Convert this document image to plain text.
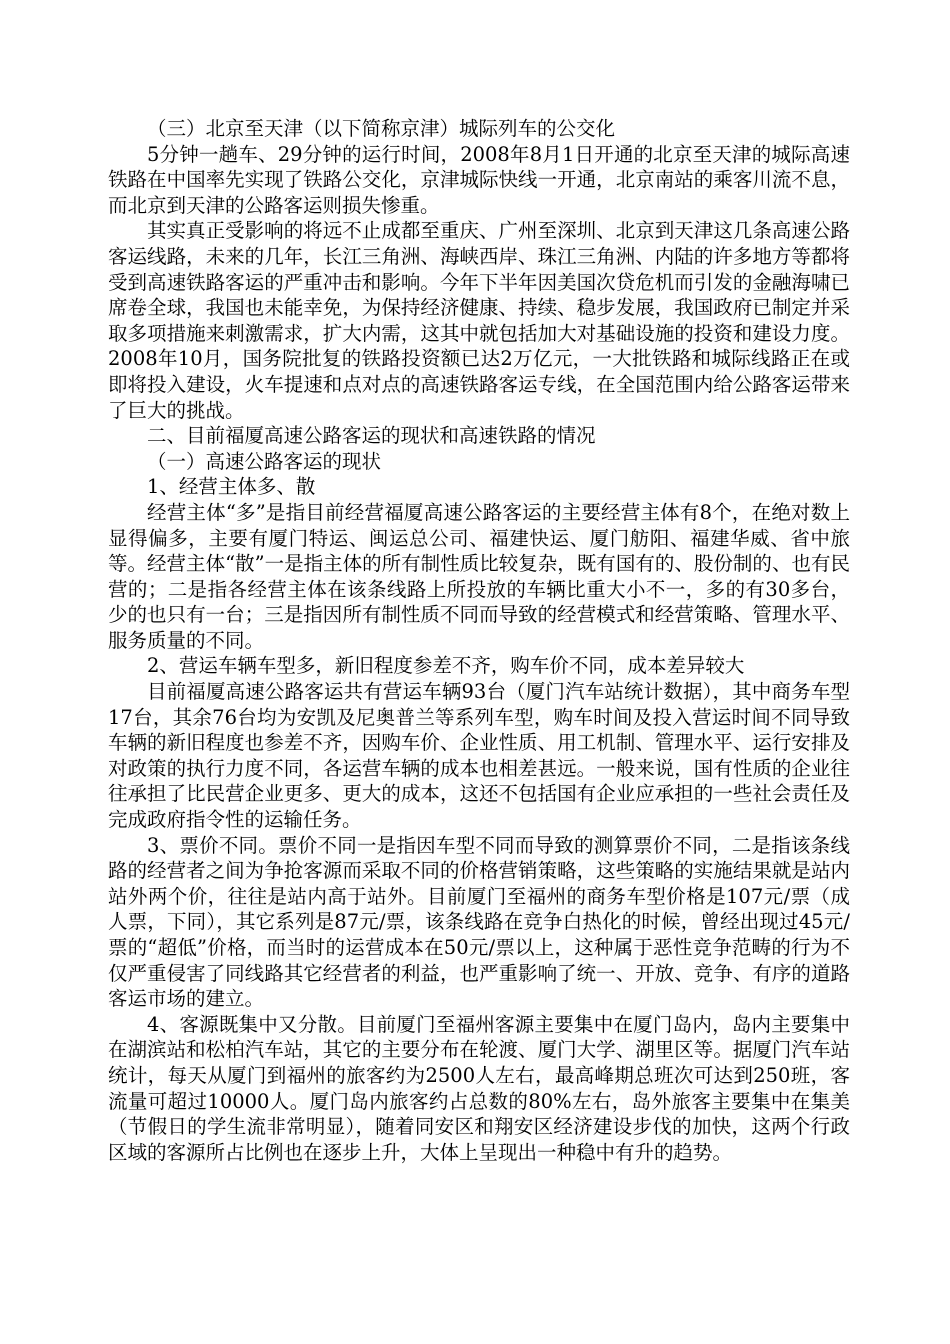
（三）北京至天津（以下简称京津）城际列车的公交化

5分钟一趟车、29分钟的运行时间，2008年8月1日开通的北京至天津的城际高速铁路在中国率先实现了铁路公交化，京津城际快线一开通，北京南站的乘客川流不息，而北京到天津的公路客运则损失惨重。

其实真正受影响的将远不止成都至重庆、广州至深圳、北京到天津这几条高速公路客运线路，未来的几年，长江三角洲、海峡西岸、珠江三角洲、内陆的许多地方等都将受到高速铁路客运的严重冲击和影响。今年下半年因美国次贷危机而引发的金融海啸已席卷全球，我国也未能幸免，为保持经济健康、持续、稳步发展，我国政府已制定并采取多项措施来刺激需求，扩大内需，这其中就包括加大对基础设施的投资和建设力度。2008年10月，国务院批复的铁路投资额已达2万亿元，一大批铁路和城际线路正在或即将投入建设，火车提速和点对点的高速铁路客运专线，在全国范围内给公路客运带来了巨大的挑战。

二、目前福厦高速公路客运的现状和高速铁路的情况

（一）高速公路客运的现状

1、经营主体多、散

经营主体“多”是指目前经营福厦高速公路客运的主要经营主体有8个，在绝对数上显得偏多，主要有厦门特运、闽运总公司、福建快运、厦门舫阳、福建华威、省中旅等。经营主体“散”一是指主体的所有制性质比较复杂，既有国有的、股份制的、也有民营的；二是指各经营主体在该条线路上所投放的车辆比重大小不一，多的有30多台，少的也只有一台；三是指因所有制性质不同而导致的经营模式和经营策略、管理水平、服务质量的不同。

2、营运车辆车型多，新旧程度参差不齐，购车价不同，成本差异较大

目前福厦高速公路客运共有营运车辆93台（厦门汽车站统计数据），其中商务车型17台，其余76台均为安凯及尼奥普兰等系列车型，购车时间及投入营运时间不同导致车辆的新旧程度也参差不齐，因购车价、企业性质、用工机制、管理水平、运行安排及对政策的执行力度不同，各运营车辆的成本也相差甚远。一般来说，国有性质的企业往往承担了比民营企业更多、更大的成本，这还不包括国有企业应承担的一些社会责任及完成政府指令性的运输任务。

3、票价不同。票价不同一是指因车型不同而导致的测算票价不同，二是指该条线路的经营者之间为争抢客源而采取不同的价格营销策略，这些策略的实施结果就是站内站外两个价，往往是站内高于站外。目前厦门至福州的商务车型价格是107元/票（成人票，下同），其它系列是87元/票，该条线路在竞争白热化的时候，曾经出现过45元/票的“超低”价格，而当时的运营成本在50元/票以上，这种属于恶性竞争范畴的行为不仅严重侵害了同线路其它经营者的利益，也严重影响了统一、开放、竞争、有序的道路客运市场的建立。

4、客源既集中又分散。目前厦门至福州客源主要集中在厦门岛内，岛内主要集中在湖滨站和松柏汽车站，其它的主要分布在轮渡、厦门大学、湖里区等。据厦门汽车站统计，每天从厦门到福州的旅客约为2500人左右，最高峰期总班次可达到250班，客流量可超过10000人。厦门岛内旅客约占总数的80%左右，岛外旅客主要集中在集美（节假日的学生流非常明显），随着同安区和翔安区经济建设步伐的加快，这两个行政区域的客源所占比例也在逐步上升，大体上呈现出一种稳中有升的趋势。
